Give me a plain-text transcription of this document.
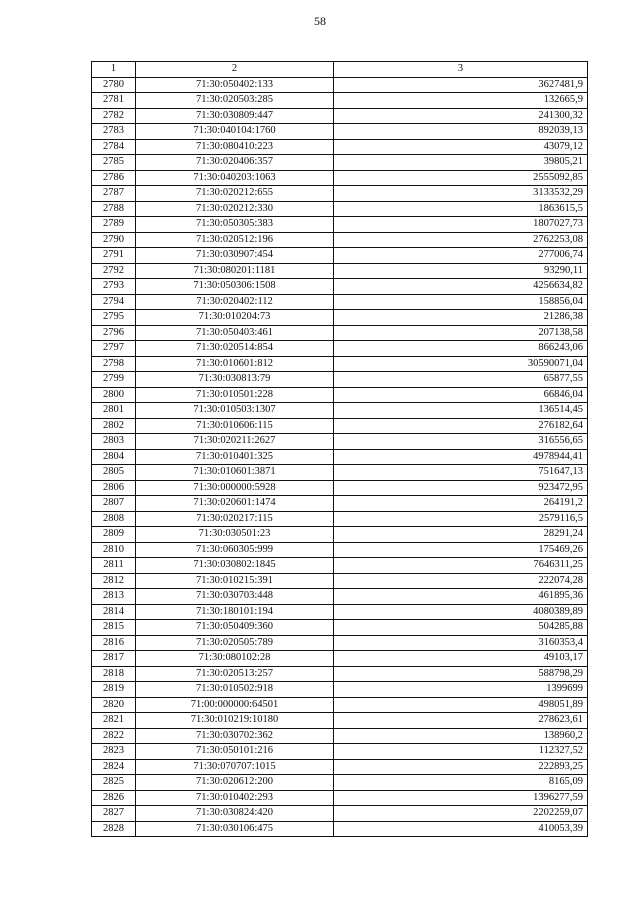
58
1	2	3
2780	71:30:050402:133	3627481,9
2781	71:30:020503:285	132665,9
2782	71:30:030809:447	241300,32
2783	71:30:040104:1760	892039,13
2784	71:30:080410:223	43079,12
2785	71:30:020406:357	39805,21
2786	71:30:040203:1063	2555092,85
2787	71:30:020212:655	3133532,29
2788	71:30:020212:330	1863615,5
2789	71:30:050305:383	1807027,73
2790	71:30:020512:196	2762253,08
2791	71:30:030907:454	277006,74
2792	71:30:080201:1181	93290,11
2793	71:30:050306:1508	4256634,82
2794	71:30:020402:112	158856,04
2795	71:30:010204:73	21286,38
2796	71:30:050403:461	207138,58
2797	71:30:020514:854	866243,06
2798	71:30:010601:812	30590071,04
2799	71:30:030813:79	65877,55
2800	71:30:010501:228	66846,04
2801	71:30:010503:1307	136514,45
2802	71:30:010606:115	276182,64
2803	71:30:020211:2627	316556,65
2804	71:30:010401:325	4978944,41
2805	71:30:010601:3871	751647,13
2806	71:30:000000:5928	923472,95
2807	71:30:020601:1474	264191,2
2808	71:30:020217:115	2579116,5
2809	71:30:030501:23	28291,24
2810	71:30:060305:999	175469,26
2811	71:30:030802:1845	7646311,25
2812	71:30:010215:391	222074,28
2813	71:30:030703:448	461895,36
2814	71:30:180101:194	4080389,89
2815	71:30:050409:360	504285,88
2816	71:30:020505:789	3160353,4
2817	71:30:080102:28	49103,17
2818	71:30:020513:257	588798,29
2819	71:30:010502:918	1399699
2820	71:00:000000:64501	498051,89
2821	71:30:010219:10180	278623,61
2822	71:30:030702:362	138960,2
2823	71:30:050101:216	112327,52
2824	71:30:070707:1015	222893,25
2825	71:30:020612:200	8165,09
2826	71:30:010402:293	1396277,59
2827	71:30:030824:420	2202259,07
2828	71:30:030106:475	410053,39
